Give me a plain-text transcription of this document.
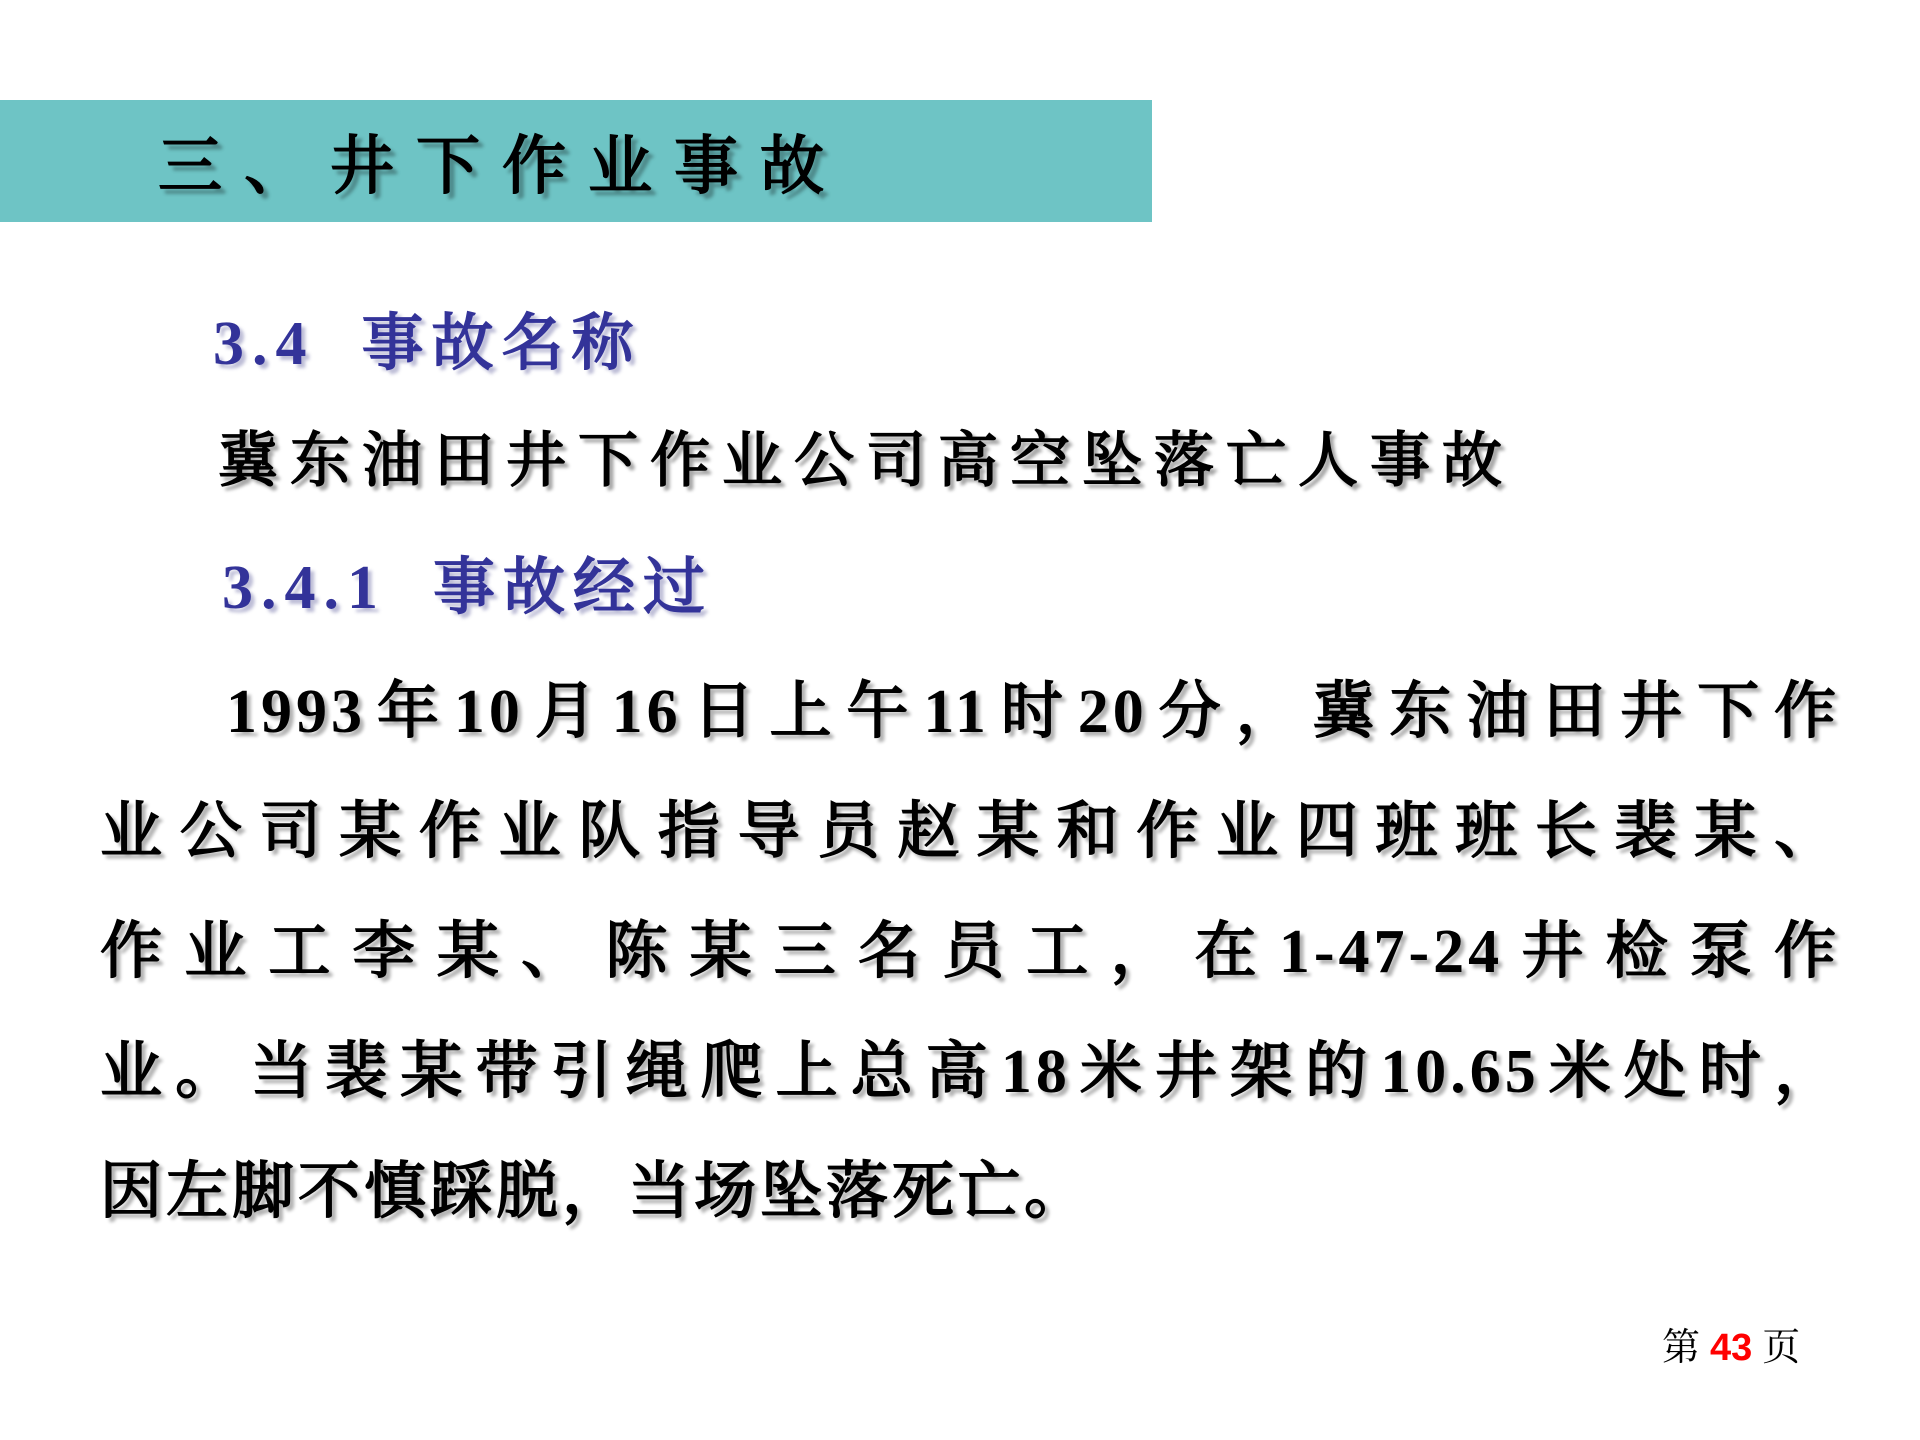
三、井下作业事故
3.4  事故名称
冀东油田井下作业公司高空坠落亡人事故
3.4.1  事故经过
1993年10月16日上午11时20分，冀东油田井下作
业公司某作业队指导员赵某和作业四班班长裴某、
作业工李某、陈某三名员工，在1-47-24井检泵作
业。当裴某带引绳爬上总高18米井架的10.65米处时，
因左脚不慎踩脱，当场坠落死亡。
第 43 页
